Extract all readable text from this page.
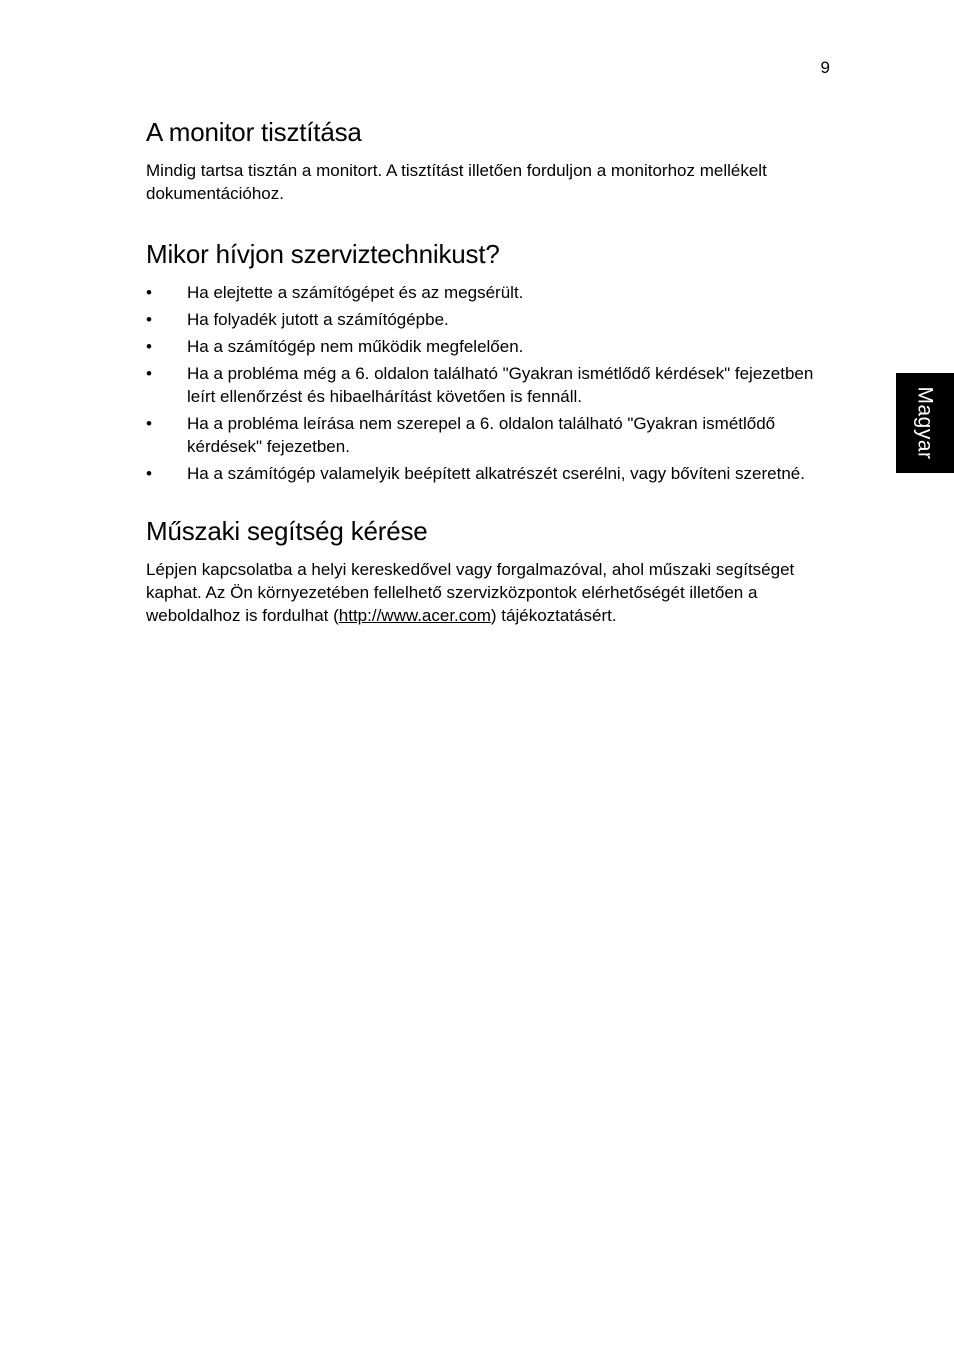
9
Magyar
A monitor tisztítása

Mindig tartsa tisztán a monitort. A tisztítást illetően forduljon a monitorhoz mellékelt dokumentációhoz.

Mikor hívjon szerviztechnikust?
• Ha elejtette a számítógépet és az megsérült.
• Ha folyadék jutott a számítógépbe.
• Ha a számítógép nem működik megfelelően.
• Ha a probléma még a 6. oldalon található "Gyakran ismétlődő kérdések" fejezetben leírt ellenőrzést és hibaelhárítást követően is fennáll.
• Ha a probléma leírása nem szerepel a 6. oldalon található "Gyakran ismétlődő kérdések" fejezetben.
• Ha a számítógép valamelyik beépített alkatrészét cserélni, vagy bővíteni szeretné.
Műszaki segítség kérése

Lépjen kapcsolatba a helyi kereskedővel vagy forgalmazóval, ahol műszaki segítséget kaphat. Az Ön környezetében fellelhető szervizközpontok elérhetőségét illetően a weboldalhoz is fordulhat (http://www.acer.com) tájékoztatásért.
